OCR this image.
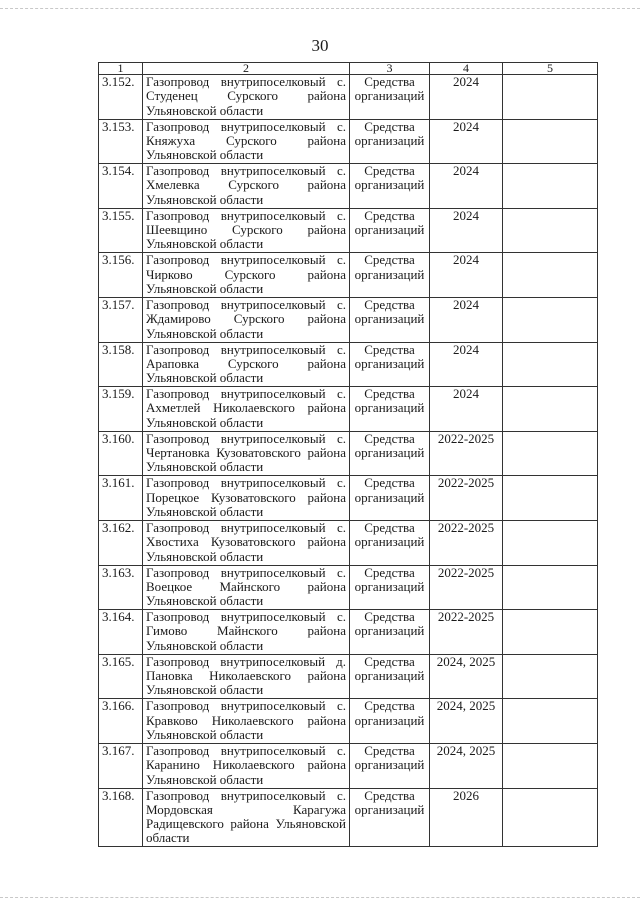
30
1	2	3	4	5
3.152.	Газопровод внутрипоселковый с. Студенец Сурского района Ульяновской области	Средства организаций	2024	
3.153.	Газопровод внутрипоселковый с. Княжуха Сурского района Ульяновской области	Средства организаций	2024	
3.154.	Газопровод внутрипоселковый с. Хмелевка Сурского района Ульяновской области	Средства организаций	2024	
3.155.	Газопровод внутрипоселковый с. Шеевщино Сурского района Ульяновской области	Средства организаций	2024	
3.156.	Газопровод внутрипоселковый с. Чирково Сурского района Ульяновской области	Средства организаций	2024	
3.157.	Газопровод внутрипоселковый с. Ждамирово Сурского района Ульяновской области	Средства организаций	2024	
3.158.	Газопровод внутрипоселковый с. Араповка Сурского района Ульяновской области	Средства организаций	2024	
3.159.	Газопровод внутрипоселковый с. Ахметлей Николаевского района Ульяновской области	Средства организаций	2024	
3.160.	Газопровод внутрипоселковый с. Чертановка Кузоватовского района Ульяновской области	Средства организаций	2022-2025	
3.161.	Газопровод внутрипоселковый с. Порецкое Кузоватовского района Ульяновской области	Средства организаций	2022-2025	
3.162.	Газопровод внутрипоселковый с. Хвостиха Кузоватовского района Ульяновской области	Средства организаций	2022-2025	
3.163.	Газопровод внутрипоселковый с. Воецкое Майнского района Ульяновской области	Средства организаций	2022-2025	
3.164.	Газопровод внутрипоселковый с. Гимово Майнского района Ульяновской области	Средства организаций	2022-2025	
3.165.	Газопровод внутрипоселковый д. Пановка Николаевского района Ульяновской области	Средства организаций	2024, 2025	
3.166.	Газопровод внутрипоселковый с. Кравково Николаевского района Ульяновской области	Средства организаций	2024, 2025	
3.167.	Газопровод внутрипоселковый с. Каранино Николаевского района Ульяновской области	Средства организаций	2024, 2025	
3.168.	Газопровод внутрипоселковый с. Мордовская Карагужа Радищевского района Ульяновской области	Средства организаций	2026	
